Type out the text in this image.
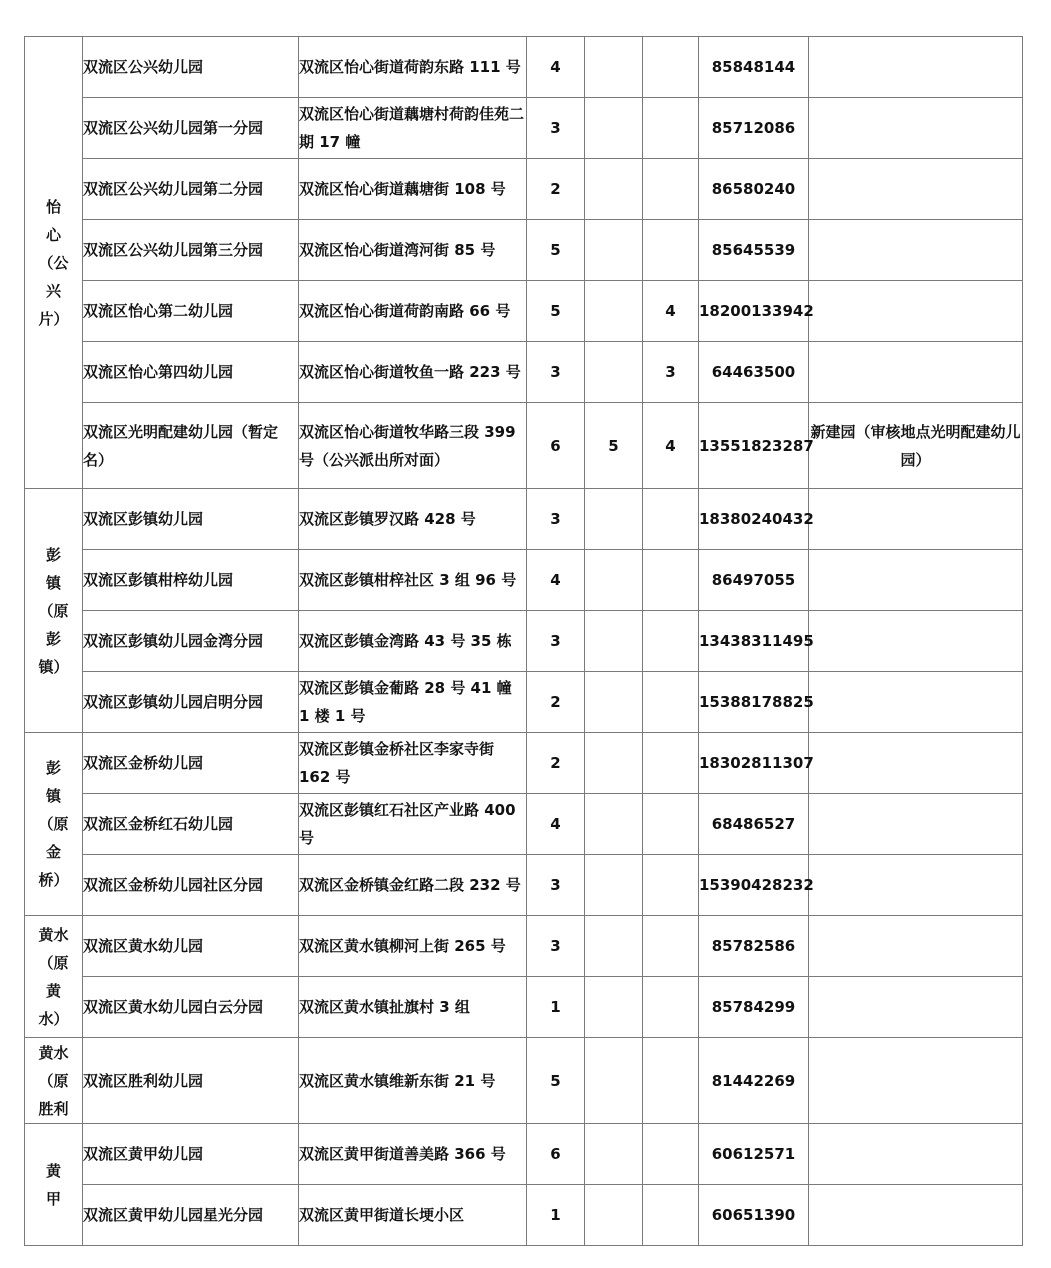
怡
心
（公
兴
片）	双流区公兴幼儿园	双流区怡心街道荷韵东路 111 号	4			85848144	
	双流区公兴幼儿园第一分园	双流区怡心街道藕塘村荷韵佳苑二期 17 幢	3			85712086	
	双流区公兴幼儿园第二分园	双流区怡心街道藕塘街 108 号	2			86580240	
	双流区公兴幼儿园第三分园	双流区怡心街道湾河街 85 号	5			85645539	
	双流区怡心第二幼儿园	双流区怡心街道荷韵南路 66 号	5		4	18200133942	
	双流区怡心第四幼儿园	双流区怡心街道牧鱼一路 223 号	3		3	64463500	
	双流区光明配建幼儿园（暂定名）	双流区怡心街道牧华路三段 399 号（公兴派出所对面）	6	5	4	13551823287	新建园（审核地点光明配建幼儿园）

彭
镇
（原
彭
镇）	双流区彭镇幼儿园	双流区彭镇罗汉路 428 号	3			18380240432	
	双流区彭镇柑梓幼儿园	双流区彭镇柑梓社区 3 组 96 号	4			86497055	
	双流区彭镇幼儿园金湾分园	双流区彭镇金湾路 43 号 35 栋	3			13438311495	
	双流区彭镇幼儿园启明分园	双流区彭镇金葡路 28 号 41 幢 1 楼 1 号	2			15388178825	

彭
镇
（原
金
桥）	双流区金桥幼儿园	双流区彭镇金桥社区李家寺街 162 号	2			18302811307	
	双流区金桥红石幼儿园	双流区彭镇红石社区产业路 400 号	4			68486527	
	双流区金桥幼儿园社区分园	双流区金桥镇金红路二段 232 号	3			15390428232	

黄水
（原
黄
水）	双流区黄水幼儿园	双流区黄水镇柳河上街 265 号	3			85782586	
	双流区黄水幼儿园白云分园	双流区黄水镇扯旗村 3 组	1			85784299	

黄水
（原
胜利	双流区胜利幼儿园	双流区黄水镇维新东街 21 号	5			81442269	

黄
甲	双流区黄甲幼儿园	双流区黄甲街道善美路 366 号	6			60612571	
	双流区黄甲幼儿园星光分园	双流区黄甲街道长埂小区	1			60651390	
